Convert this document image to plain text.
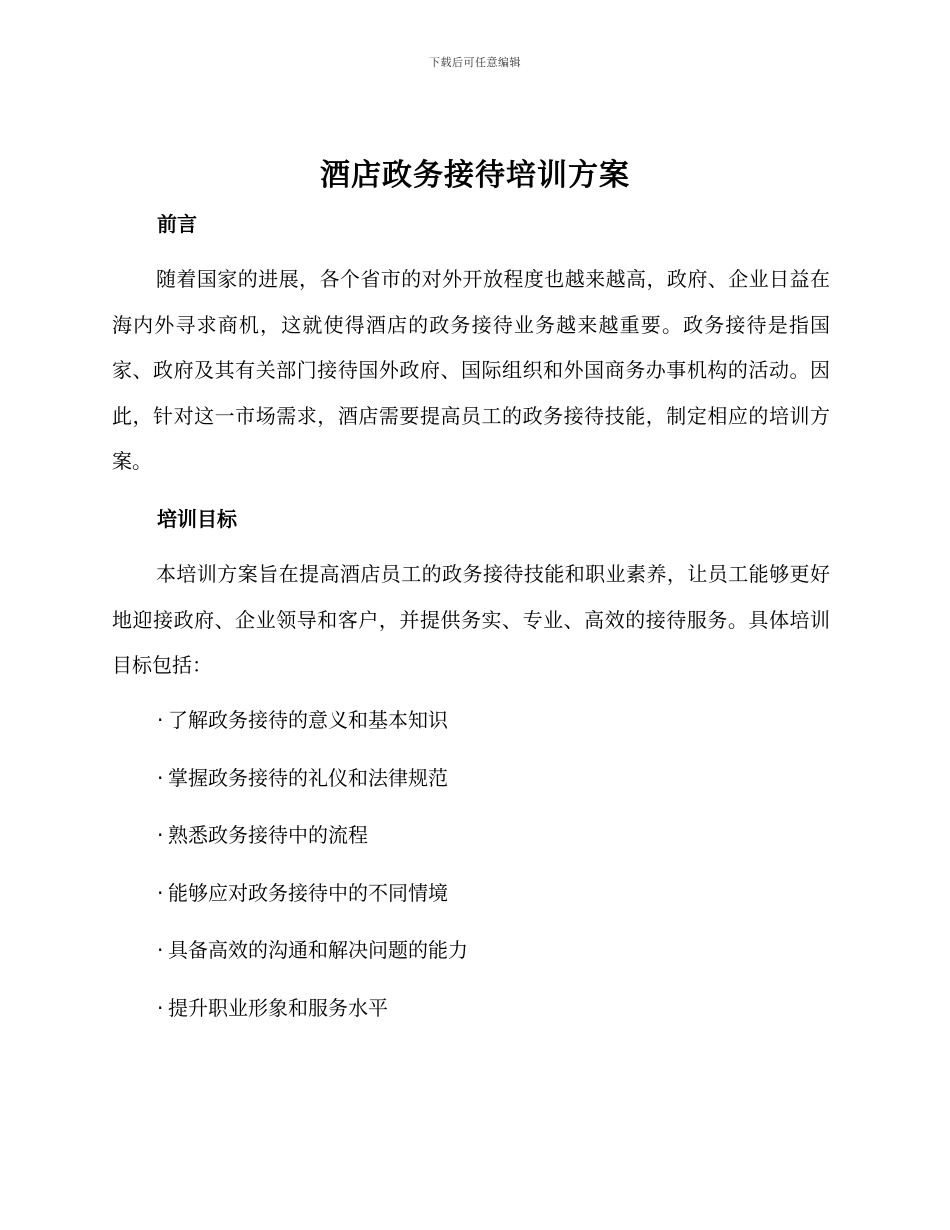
下载后可任意编辑
酒店政务接待培训方案
前言
随着国家的进展，各个省市的对外开放程度也越来越高，政府、企业日益在海内外寻求商机，这就使得酒店的政务接待业务越来越重要。政务接待是指国家、政府及其有关部门接待国外政府、国际组织和外国商务办事机构的活动。因此，针对这一市场需求，酒店需要提高员工的政务接待技能，制定相应的培训方案。
培训目标
本培训方案旨在提高酒店员工的政务接待技能和职业素养，让员工能够更好地迎接政府、企业领导和客户，并提供务实、专业、高效的接待服务。具体培训目标包括：
· 了解政务接待的意义和基本知识
· 掌握政务接待的礼仪和法律规范
· 熟悉政务接待中的流程
· 能够应对政务接待中的不同情境
· 具备高效的沟通和解决问题的能力
· 提升职业形象和服务水平
